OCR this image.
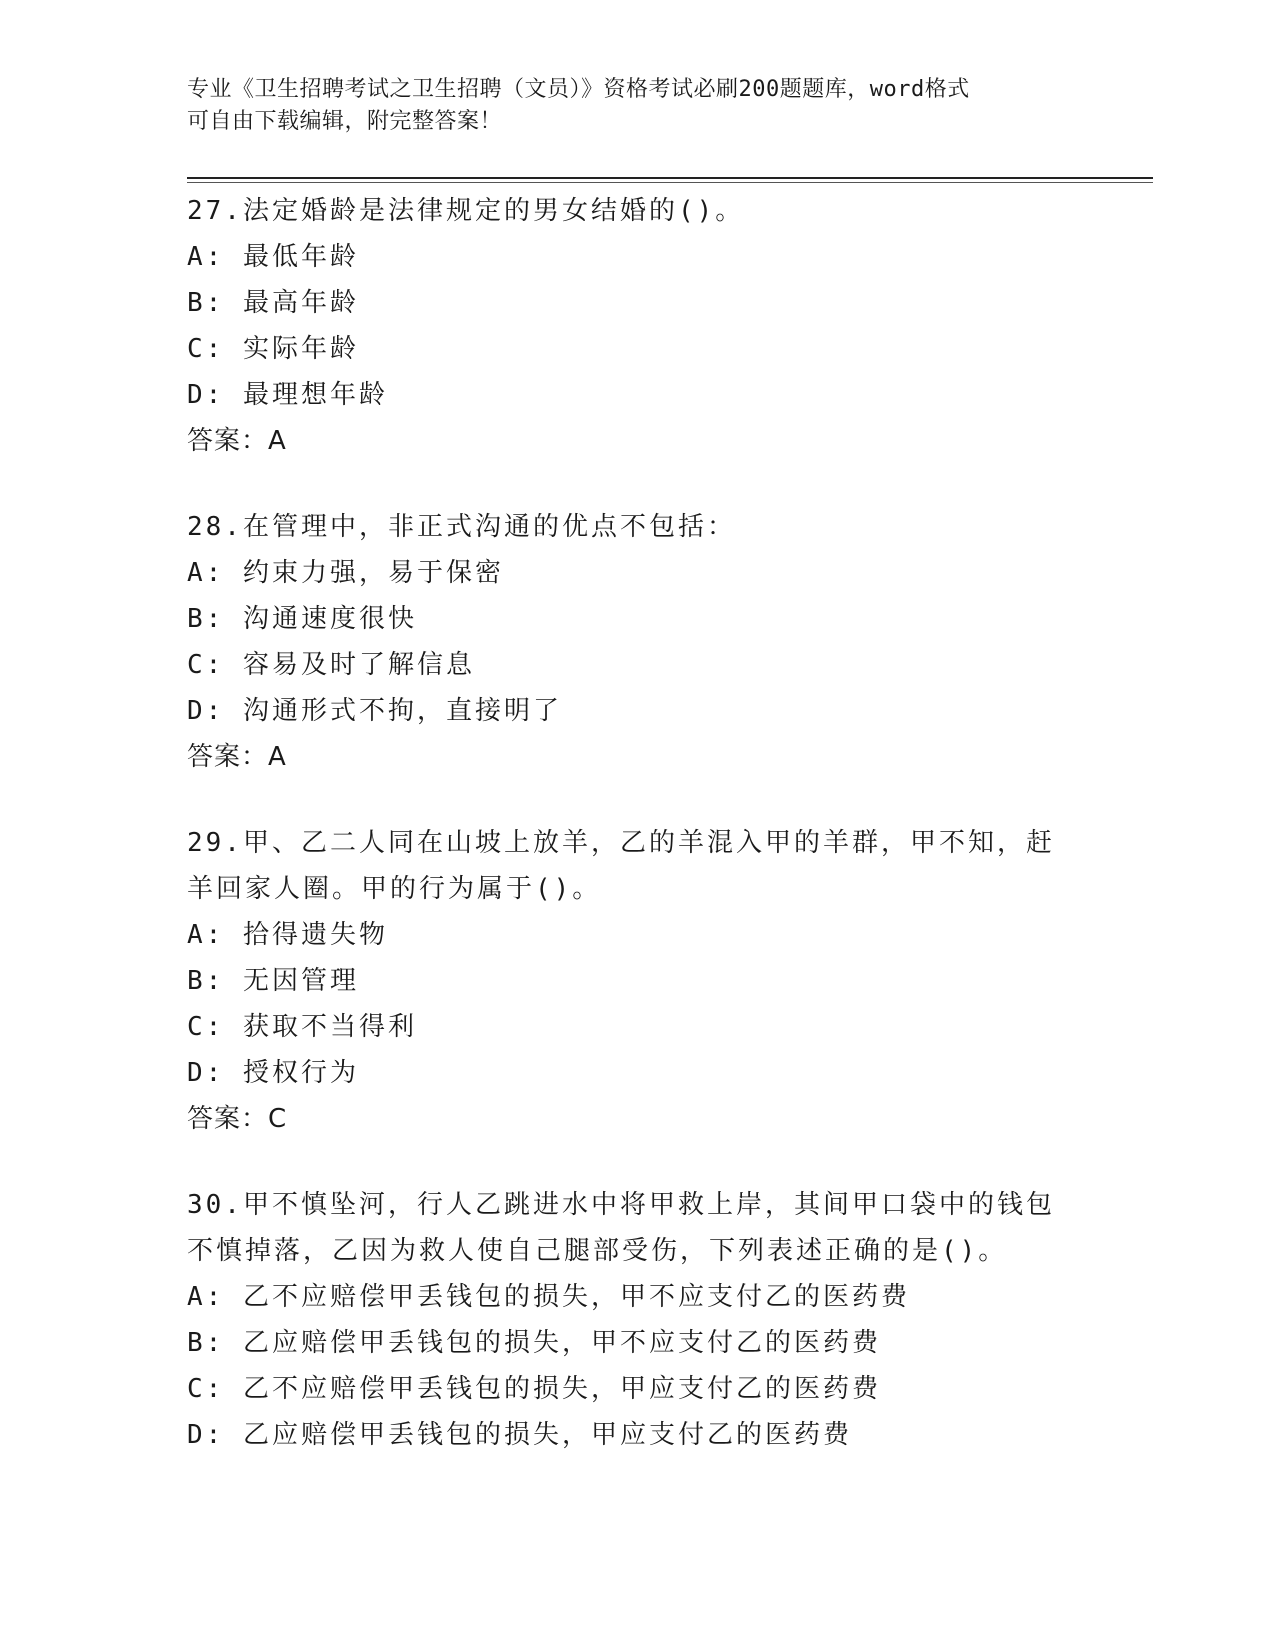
专业《卫生招聘考试之卫生招聘（文员）》资格考试必刷200题题库，word格式
可自由下载编辑，附完整答案！
27.法定婚龄是法律规定的男女结婚的()。
A: 最低年龄
B: 最高年龄
C: 实际年龄
D: 最理想年龄
答案：A
28.在管理中，非正式沟通的优点不包括：
A: 约束力强，易于保密
B: 沟通速度很快
C: 容易及时了解信息
D: 沟通形式不拘，直接明了
答案：A
29.甲、乙二人同在山坡上放羊，乙的羊混入甲的羊群，甲不知，赶羊回家人圈。甲的行为属于()。
A: 拾得遗失物
B: 无因管理
C: 获取不当得利
D: 授权行为
答案：C
30.甲不慎坠河，行人乙跳进水中将甲救上岸，其间甲口袋中的钱包不慎掉落，乙因为救人使自己腿部受伤，下列表述正确的是()。
A: 乙不应赔偿甲丢钱包的损失，甲不应支付乙的医药费
B: 乙应赔偿甲丢钱包的损失，甲不应支付乙的医药费
C: 乙不应赔偿甲丢钱包的损失，甲应支付乙的医药费
D: 乙应赔偿甲丢钱包的损失，甲应支付乙的医药费
